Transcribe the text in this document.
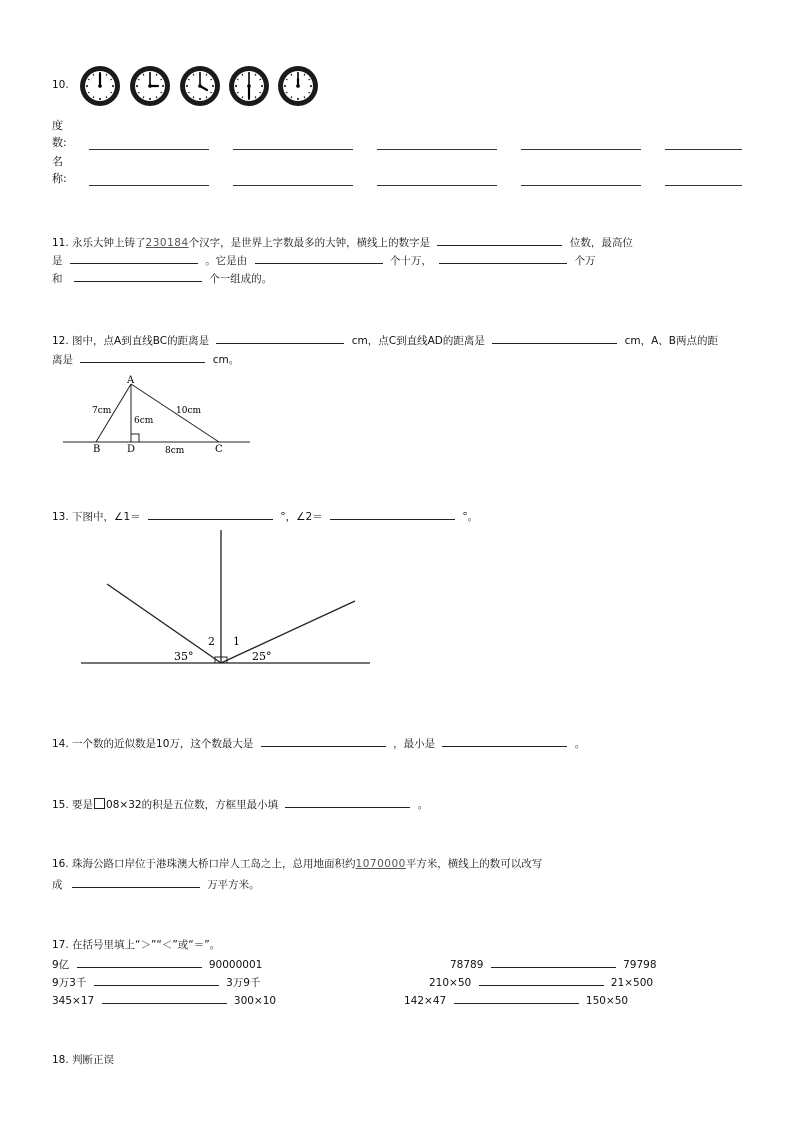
10.
度
数:
名
称:
11. 永乐大钟上铸了230184个汉字，是世界上字数最多的大钟，横线上的数字是	位数，最高位
是	。它是由	个十万，	个万
和	个一组成的。
12. 图中，点A到直线BC的距离是	cm，点C到直线AD的距离是	cm，A、B两点的距
离是	cm。
A
B	D	C
7cm
6cm
10cm
8cm
13. 下图中，∠1＝	°，∠2＝	°。
2 1
35°	25°
14. 一个数的近似数是10万，这个数最大是	，最小是	。
15. 要是 08×32的积是五位数，方框里最小填	。
16. 珠海公路口岸位于港珠澳大桥口岸人工岛之上，总用地面积约1070000平方米，横线上的数可以改写
成	万平方米。
17. 在括号里填上“＞”“＜”或“＝”。
9亿	90000001	78789	79798
9万3千	3万9千	210×50	21×500
345×17	300×10	142×47	150×50
18. 判断正误
